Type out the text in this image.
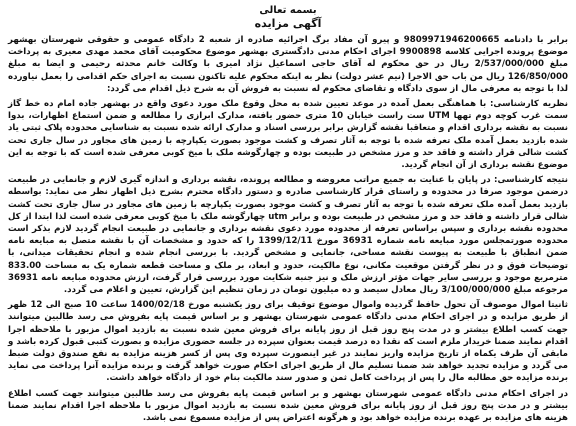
بسمه تعالی
آگهی مزایده

برابر با دادنامه 9809971946200665 و پیرو آن مفاد برگ اجرائیه صادره از شعبه 2 دادگاه عمومی و حقوقی شهرستان بهشهر موضوع پرونده اجرایی کلاسه 9900898 اجرای احکام مدنی دادگستری بهشهر موضوع محکومیت آقای محمد مهدی معیری به پرداخت مبلغ 2/537/000/000 ریال در حق محکوم له آقای حاجی اسماعیل نژاد امیری با وکالت خانم محدثه رحیمی و ایضا به مبلغ 126/850/000 ریال من باب حق الاجرا (نیم عشر دولت) نظر به اینکه محکوم علیه تاکنون نسبت به اجرای حکم اقدامی را بعمل نیاورده لذا با توجه به معرفی مال از سوی دادگاه و تقاضای محکوم له نسبت به فروش آن به شرح ذیل اقدام می گردد:

نظریه کارشناسی: با هماهنگی بعمل آمده در موعد تعیین شده به محل وقوع ملک مورد دعوی واقع در بهشهر جاده امام ده خط گاز سمت غرب کوچه دوم تهها UTM ست راست خیابان 10 متری حضور یافته، مدارک ابرازی را مطالعه و ضمن استماع اظهارات، بدوا نسبت به نقشه برداری اقدام و متعاقبا نقشه گزارش برابر بررسی اسناد و مدارک ارائه شده نسبت به شناسایی محدوده پلاک ثبتی یاد شده بازدید بعمل آمده ملک تعرفه شده با توجه به آثار تصرف و کشت موجود بصورت یکپارچه با زمین های مجاور در سال جاری تحت کشت شالی قرار داشته و فاقد حد و مرز مشخص در طبیعت بوده و چهارگوشه ملک با میخ کوبی معرفی شده است که با توجه به این موضوع نقشه برداری از آن انجام گردید.

نتیجه کارشناسی: در پایان با عنایت به جمیع مراتب معروضه و مطالعه پرونده، نقشه برداری و اندازه گیری لازم و جانمایی در طبیعت درضمن موجود صرفا در محدوده و راستای قرار کارشناسی صادره و دستور دادگاه محترم بشرح ذیل اظهار نظر می نماید: بواسطه بازدید بعمل آمده ملک تعرفه شده با توجه به آثار تصرف و کشت موجود بصورت یکپارچه با زمین های مجاور در سال جاری تحت کشت شالی قرار داشته و فاقد حد و مرز مشخص در طبیعت بوده و برابر utm چهارگوشه ملک با میخ کوبی معرفی شده است لذا ابتدا از کل محدوده نقشه برداری و سپس براساس تعرفه از محدوده مورد دعوی نقشه برداری و جانمایی در طبیعت انجام گردید لازم بذکر است محدوده صورتمجلس مورد مبایعه نامه شماره 36931 مورخ 1399/12/11 را که حدود و مشخصات آن با نقشه متصل به مبایعه نامه ضمن انطباق با طبیعت به پیوست نقشه مساحی، جانمایی و مشخص گردید. با بررسی انجام شده و انجام تحقیقات میدانی، با توضیحات فوق و در نظر گرفتن موقعیت مکانی، نوع مالکیت، حدود و ابعاد، بر ملک و مساحت قطعه شماره یک به مساحت 833.00 مترمربع موجود و بررسی سایر جهات مؤثر ارزش ملک و نیز جنبه شکایت مورد بررسی قرار گرفت، ارزش محدوده مبایعه نامه 36931 مرجوعه مبلغ 3/100/000/000 ریال معادل سیصد و ده میلیون تومان در زمان تنظیم این گزارش، تعیین و اعلام می گردد.

ثانیتا اموال موصوف آن تحول حافظ گردیده واموال موضوع توقیف برای روز یکشنبه مورخ 1400/02/18 ساعت 10 صبح الی 12 ظهر از طریق مزایده و در اجرای احکام مدنی دادگاه عمومی شهرستان بهشهر و بر اساس قیمت پایه بفروش می رسد طالبین میتوانند جهت کسب اطلاع بیشتر و در مدت پنج روز قبل از روز پایانه برای فروش معین شده نسبت به بازدید اموال مزبور با ملاحظه اجرا اقدام نمایند ضمنا خریدار ملزم است که نقدا ده درصد قیمت بعنوان سپرده در جلسه حضوری مزایده و بصورت کتبی قبول کرده باشد و مابقی آن طرف یکماه از تاریخ مزایده واریز نمایند در غیر اینصورت سپرده وی پس از کسر هزینه مزایده به نفع صندوق دولت ضبط می گردد و مزایده تجدید خواهد شد ضمنا تسلیم مال از طریق اجرای احکام صورت خواهد گرفت و برنده مزایده آنرا پرداخت می نماید برنده مزایده حق مطالبه مال را پس از پرداخت کامل ثمن و صدور سند مالکیت بنام خود از دادگاه خواهد داشت.

در اجرای احکام مدنی دادگاه عمومی شهرستان بهشهر و بر اساس قیمت پایه بفروش می رسد طالبین میتوانند جهت کسب اطلاع بیشتر و در مدت پنج روز قبل از روز پایانه برای فروش معین شده نسبت به بازدید اموال مزبور با ملاحظه اجرا اقدام نمایند ضمنا هزینه های مزایده بر عهده برنده مزایده خواهد بود و هرگونه اعتراض پس از مزایده مسموع نمی باشد.
